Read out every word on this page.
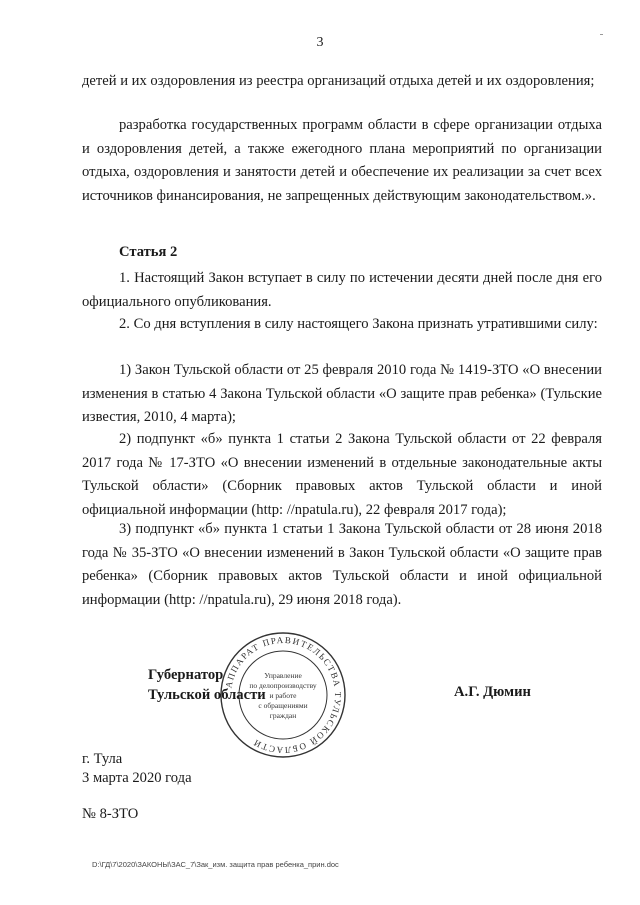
3

детей и их оздоровления из реестра организаций отдыха детей и их оздоровления;

разработка государственных программ области в сфере организации отдыха и оздоровления детей, а также ежегодного плана мероприятий по организации отдыха, оздоровления и занятости детей и обеспечение их реализации за счет всех источников финансирования, не запрещенных действующим законодательством.».

Статья 2

1. Настоящий Закон вступает в силу по истечении десяти дней после дня его официального опубликования.

2. Со дня вступления в силу настоящего Закона признать утратившими силу:

1) Закон Тульской области от 25 февраля 2010 года № 1419-ЗТО «О внесении изменения в статью 4 Закона Тульской области «О защите прав ребенка» (Тульские известия, 2010, 4 марта);

2) подпункт «б» пункта 1 статьи 2 Закона Тульской области от 22 февраля 2017 года № 17-ЗТО «О внесении изменений в отдельные законодательные акты Тульской области» (Сборник правовых актов Тульской области и иной официальной информации (http: //npatula.ru), 22 февраля 2017 года);

3) подпункт «б» пункта 1 статьи 1 Закона Тульской области от 28 июня 2018 года № 35-ЗТО «О внесении изменений в Закон Тульской области «О защите прав ребенка» (Сборник правовых актов Тульской области и иной официальной информации (http: //npatula.ru), 29 июня 2018 года).

АППАРАТ ПРАВИТЕЛЬСТВА ТУЛЬСКОЙ ОБЛАСТИ
Управление
по делопроизводству
и работе
с обращениями
граждан
Губернатор
Тульской области	А.Г. Дюмин
г. Тула
3 марта 2020 года
№ 8-ЗТО
D:\ГД\7\2020\ЗАКОНЫ\ЗАС_7\Зак_изм. защита прав ребенка_прин.doc
